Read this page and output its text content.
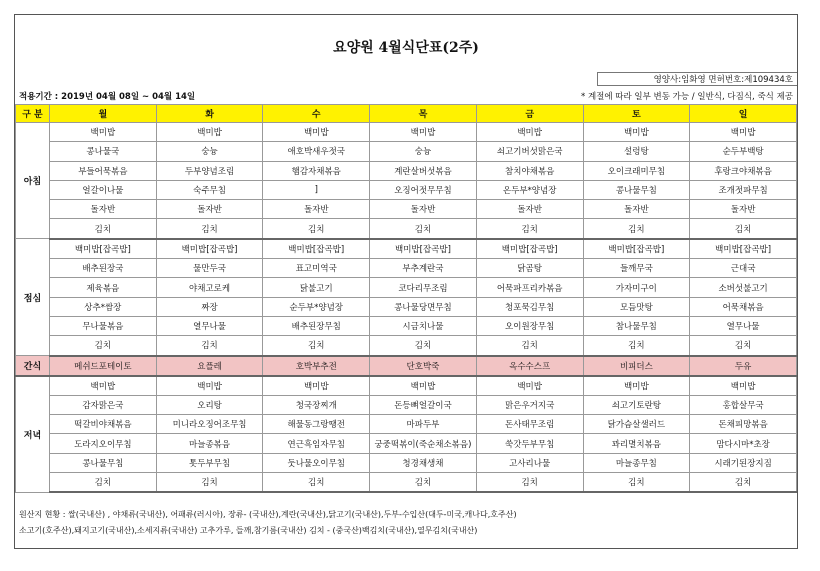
요양원 4월식단표(2주)
영양사:임화영 면허번호:제109434호
적용기간 : 2019년 04월 08일 ~ 04월 14일	* 계절에 따라 일부 변동 가능 / 일반식, 다짐식, 죽식 제공
구 분	월	화	수	목	금	토	일
아침	백미밥	백미밥	백미밥	백미밥	백미밥	백미밥	백미밥
	콩나물국	숭늉	애호박새우젓국	숭늉	쇠고기버섯맑은국	설렁탕	순두부백탕
	부들어묵볶음	두부양념조림	햄감자채볶음	계란살버섯볶음	참치야채볶음	오이크래미무침	후랑크야채볶음
	얼갈이나물	숙주무침	]	오징어젓무무침	온두부*양념장	콩나물무침	조개젓파무침
	돌자반	돌자반	돌자반	돌자반	돌자반	돌자반	돌자반
	김치	김치	김치	김치	김치	김치	김치
점심	백미밥[잡곡밥]	백미밥[잡곡밥]	백미밥[잡곡밥]	백미밥[잡곡밥]	백미밥[잡곡밥]	백미밥[잡곡밥]	백미밥[잡곡밥]
	배추된장국	물만두국	표고미역국	부추계란국	닭곰탕	들깨무국	근대국
	제육볶음	야채고로케	닭불고기	코다리무조림	어묵파프리카볶음	가자미구이	소버섯불고기
	상추*쌈장	짜장	순두부*양념장	콩나물당면무침	청포묵김무침	모듬맛탕	어묵채볶음
	무나물볶음	열무나물	배추된장무침	시금치나물	오이원장무침	참나물무침	열무나물
	김치	김치	김치	김치	김치	김치	김치
간식	메쉬드포테이토	요플레	호박부추전	단호박죽	옥수수스프	비피더스	두유
저녁	백미밥	백미밥	백미밥	백미밥	백미밥	백미밥	백미밥
	감자맑은국	오리탕	청국장찌개	돈등뼈얼갈이국	맑은우거지국	쇠고기토란탕	홍합살무국
	떡갈비야채볶음	미니라오징어조무침	해물동그랑땡전	마파두부	돈사태무조림	닭가슴살샐러드	돈채피망볶음
	도라지오이무침	마늘종볶음	연근흑임자무침	궁중떡볶이(죽순채소볶음)	쑥갓두부무침	꽈리멸치볶음	맘다시마*초장
	콩나물무침	톳두부무침	둣나물오이무침	청경채생채	고사리나물	마늘종무침	시래기된장지짐
	김치	김치	김치	김치	김치	김치	김치
원산지 현황 : 쌀(국내산) , 야채류(국내산), 어패류(러시아), 장류- (국내산),계란(국내산),닭고기(국내산),두부-수입산(대두-미국,캐나다,호주산)
소고기(호주산),돼지고기(국내산),소세지류(국내산) 고추가루, 들깨,참기름(국내산) 김치 - (중국산)백김치(국내산),열무김치(국내산)
